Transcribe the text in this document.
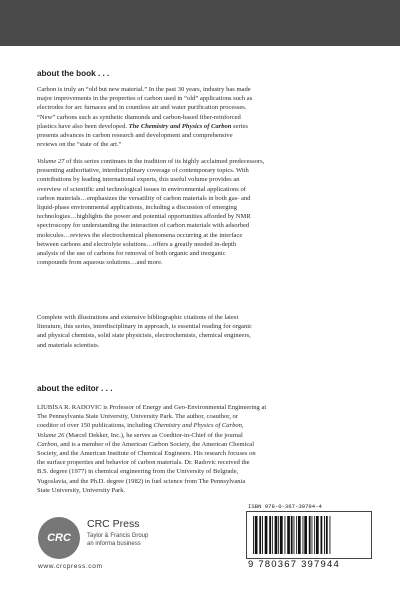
about the book . . .

Carbon is truly an “old but new material.” In the past 30 years, industry has made
major improvements in the properties of carbon used in “old” applications such as
electrodes for arc furnaces and in countless air and water purification processes.
“New” carbons such as synthetic diamonds and carbon-based fiber-reinforced
plastics have also been developed. The Chemistry and Physics of Carbon series
presents advances in carbon research and development and comprehensive
reviews on the “state of the art.”

Volume 27 of this series continues in the tradition of its highly acclaimed predecessors,
presenting authoritative, interdisciplinary coverage of contemporary topics. With
contributions by leading international experts, this useful volume provides an
overview of scientific and technological issues in environmental applications of
carbon materials…emphasizes the versatility of carbon materials in both gas- and
liquid-phase environmental applications, including a discussion of emerging
technologies…highlights the power and potential opportunities afforded by NMR
spectroscopy for understanding the interaction of carbon materials with adsorbed
molecules…reviews the electrochemical phenomena occurring at the interface
between carbons and electrolyte solutions…offers a greatly needed in-depth
analysis of the use of carbons for removal of both organic and inorganic
compounds from aqueous solutions…and more.

Complete with illustrations and extensive bibliographic citations of the latest
literature, this series, interdisciplinary in approach, is essential reading for organic
and physical chemists, solid state physicists, electrochemists, chemical engineers,
and materials scientists.

about the editor . . .

LİUBİSA R. RADOVIC is Professor of Energy and Geo-Environmental Engineering at
The Pennsylvania State University, University Park. The author, coauthor, or
coeditor of over 150 publications, including Chemistry and Physics of Carbon,
Volume 26 (Marcel Dekker, Inc.), he serves as Coeditor-in-Chief of the journal
Carbon, and is a member of the American Carbon Society, the American Chemical
Society, and the American Institute of Chemical Engineers. His research focuses on
the surface properties and behavior of carbon materials. Dr. Radovic received the
B.S. degree (1977) in chemical engineering from the University of Belgrade,
Yugoslavia, and the Ph.D. degree (1982) in fuel science from The Pennsylvania
State University, University Park.

CRC
CRC Press
Taylor & Francis Group
an informa business
www.crcpress.com
ISBN 978-0-367-39794-4
9 780367 397944
